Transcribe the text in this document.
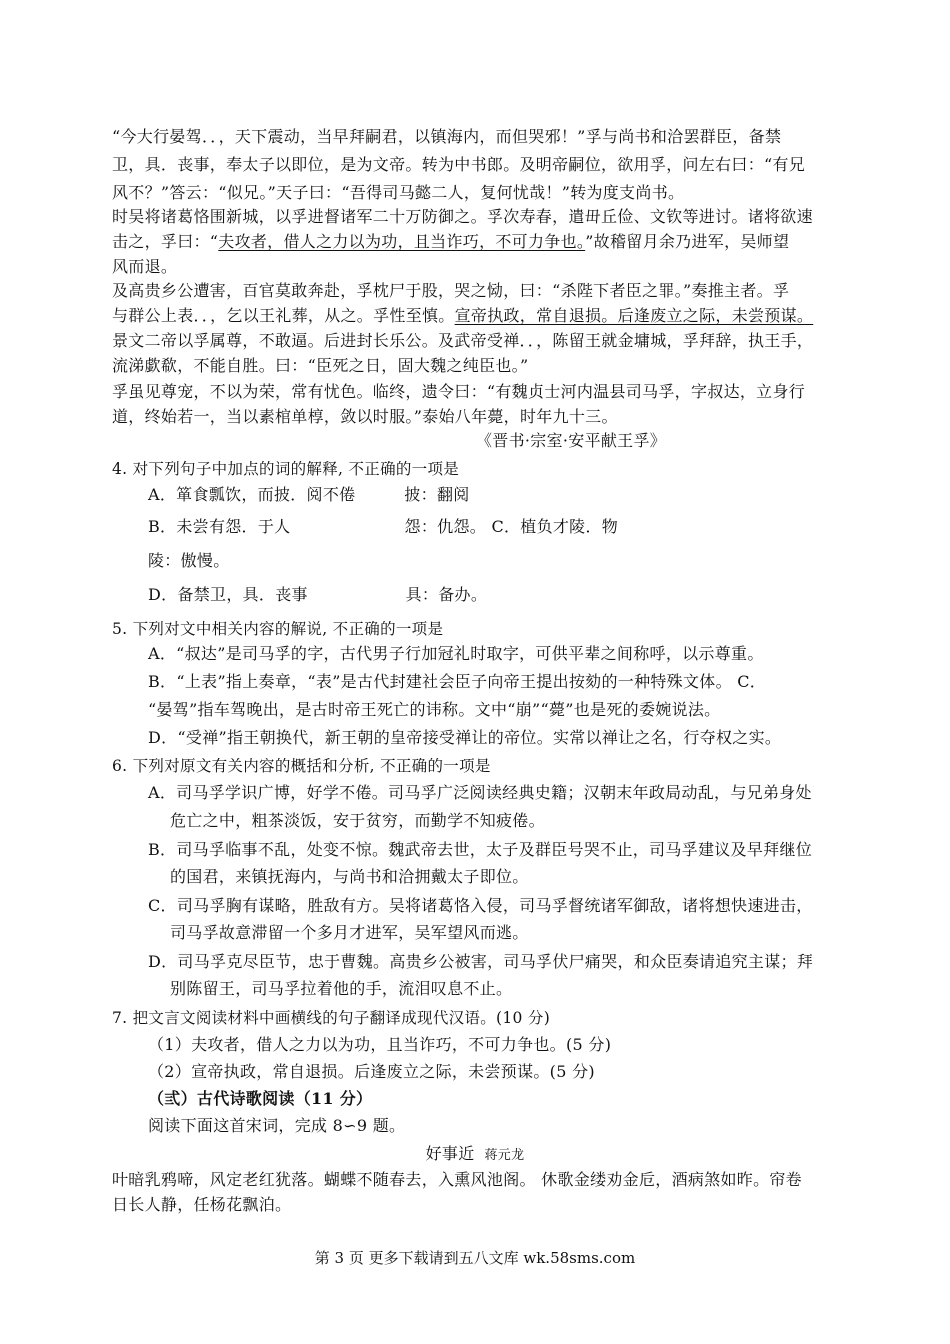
“今大行晏驾．．，天下震动，当早拜嗣君，以镇海内，而但哭邪！”孚与尚书和洽罢群臣，备禁
卫，具．丧事，奉太子以即位，是为文帝。转为中书郎。及明帝嗣位，欲用孚，问左右曰：“有兄
风不？”答云：“似兄。”天子曰：“吾得司马懿二人，复何忧哉！”转为度支尚书。
时吴将诸葛恪围新城，以孚进督诸军二十万防御之。孚次寿春，遣毌丘俭、文钦等进讨。诸将欲速
击之，孚曰：“夫攻者，借人之力以为功，且当诈巧，不可力争也。”故稽留月余乃进军，吴师望
风而退。
及高贵乡公遭害，百官莫敢奔赴，孚枕尸于股，哭之恸，曰：“杀陛下者臣之罪。”奏推主者。孚
与群公上表．．，乞以王礼葬，从之。孚性至慎。宣帝执政，常自退损。后逢废立之际，未尝预谋。
景文二帝以孚属尊，不敢逼。后进封长乐公。及武帝受禅．．，陈留王就金墉城，孚拜辞，执王手，
流涕歔欷，不能自胜。曰：“臣死之日，固大魏之纯臣也。”
孚虽见尊宠，不以为荣，常有忧色。临终，遗令曰：“有魏贞士河内温县司马孚，字叔达，立身行
道，终始若一，当以素棺单椁，敛以时服。”泰始八年薨，时年九十三。
《晋书·宗室·安平献王孚》
4. 对下列句子中加点的词的解释, 不正确的一项是
A．箪食瓢饮，而披．阅不倦　　　披：翻阅
B．未尝有怨．于人　　　　　　　怨：仇怨。 C．植负才陵．物
陵：傲慢。
D．备禁卫，具．丧事　　　　　　具：备办。
5. 下列对文中相关内容的解说, 不正确的一项是
A．“叔达”是司马孚的字，古代男子行加冠礼时取字，可供平辈之间称呼，以示尊重。
B．“上表”指上奏章，“表”是古代封建社会臣子向帝王提出按劾的一种特殊文体。 C．
“晏驾”指车驾晚出，是古时帝王死亡的讳称。文中“崩”“薨”也是死的委婉说法。
D．“受禅”指王朝换代，新王朝的皇帝接受禅让的帝位。实常以禅让之名，行夺权之实。
6. 下列对原文有关内容的概括和分析, 不正确的一项是
A．司马孚学识广博，好学不倦。司马孚广泛阅读经典史籍；汉朝末年政局动乱，与兄弟身处
危亡之中，粗茶淡饭，安于贫穷，而勤学不知疲倦。
B．司马孚临事不乱，处变不惊。魏武帝去世，太子及群臣号哭不止，司马孚建议及早拜继位
的国君，来镇抚海内，与尚书和洽拥戴太子即位。
C．司马孚胸有谋略，胜敌有方。吴将诸葛恪入侵，司马孚督统诸军御敌，诸将想快速进击，
司马孚故意滞留一个多月才进军，吴军望风而逃。
D．司马孚克尽臣节，忠于曹魏。高贵乡公被害，司马孚伏尸痛哭，和众臣奏请追究主谋；拜
别陈留王，司马孚拉着他的手，流泪叹息不止。
7. 把文言文阅读材料中画横线的句子翻译成现代汉语。(10 分)
（1）夫攻者，借人之力以为功，且当诈巧，不可力争也。(5 分)
（2）宣帝执政，常自退损。后逢废立之际，未尝预谋。(5 分)
（弎）古代诗歌阅读（11 分）
阅读下面这首宋词，完成 8∽9 题。
好事近 蒋元龙
叶暗乳鸦啼，风定老红犹落。蝴蝶不随春去，入熏风池阁。 休歌金缕劝金卮，酒病煞如昨。帘卷
日长人静，任杨花飘泊。
第 3 页 更多下载请到五八文库 wk.58sms.com
